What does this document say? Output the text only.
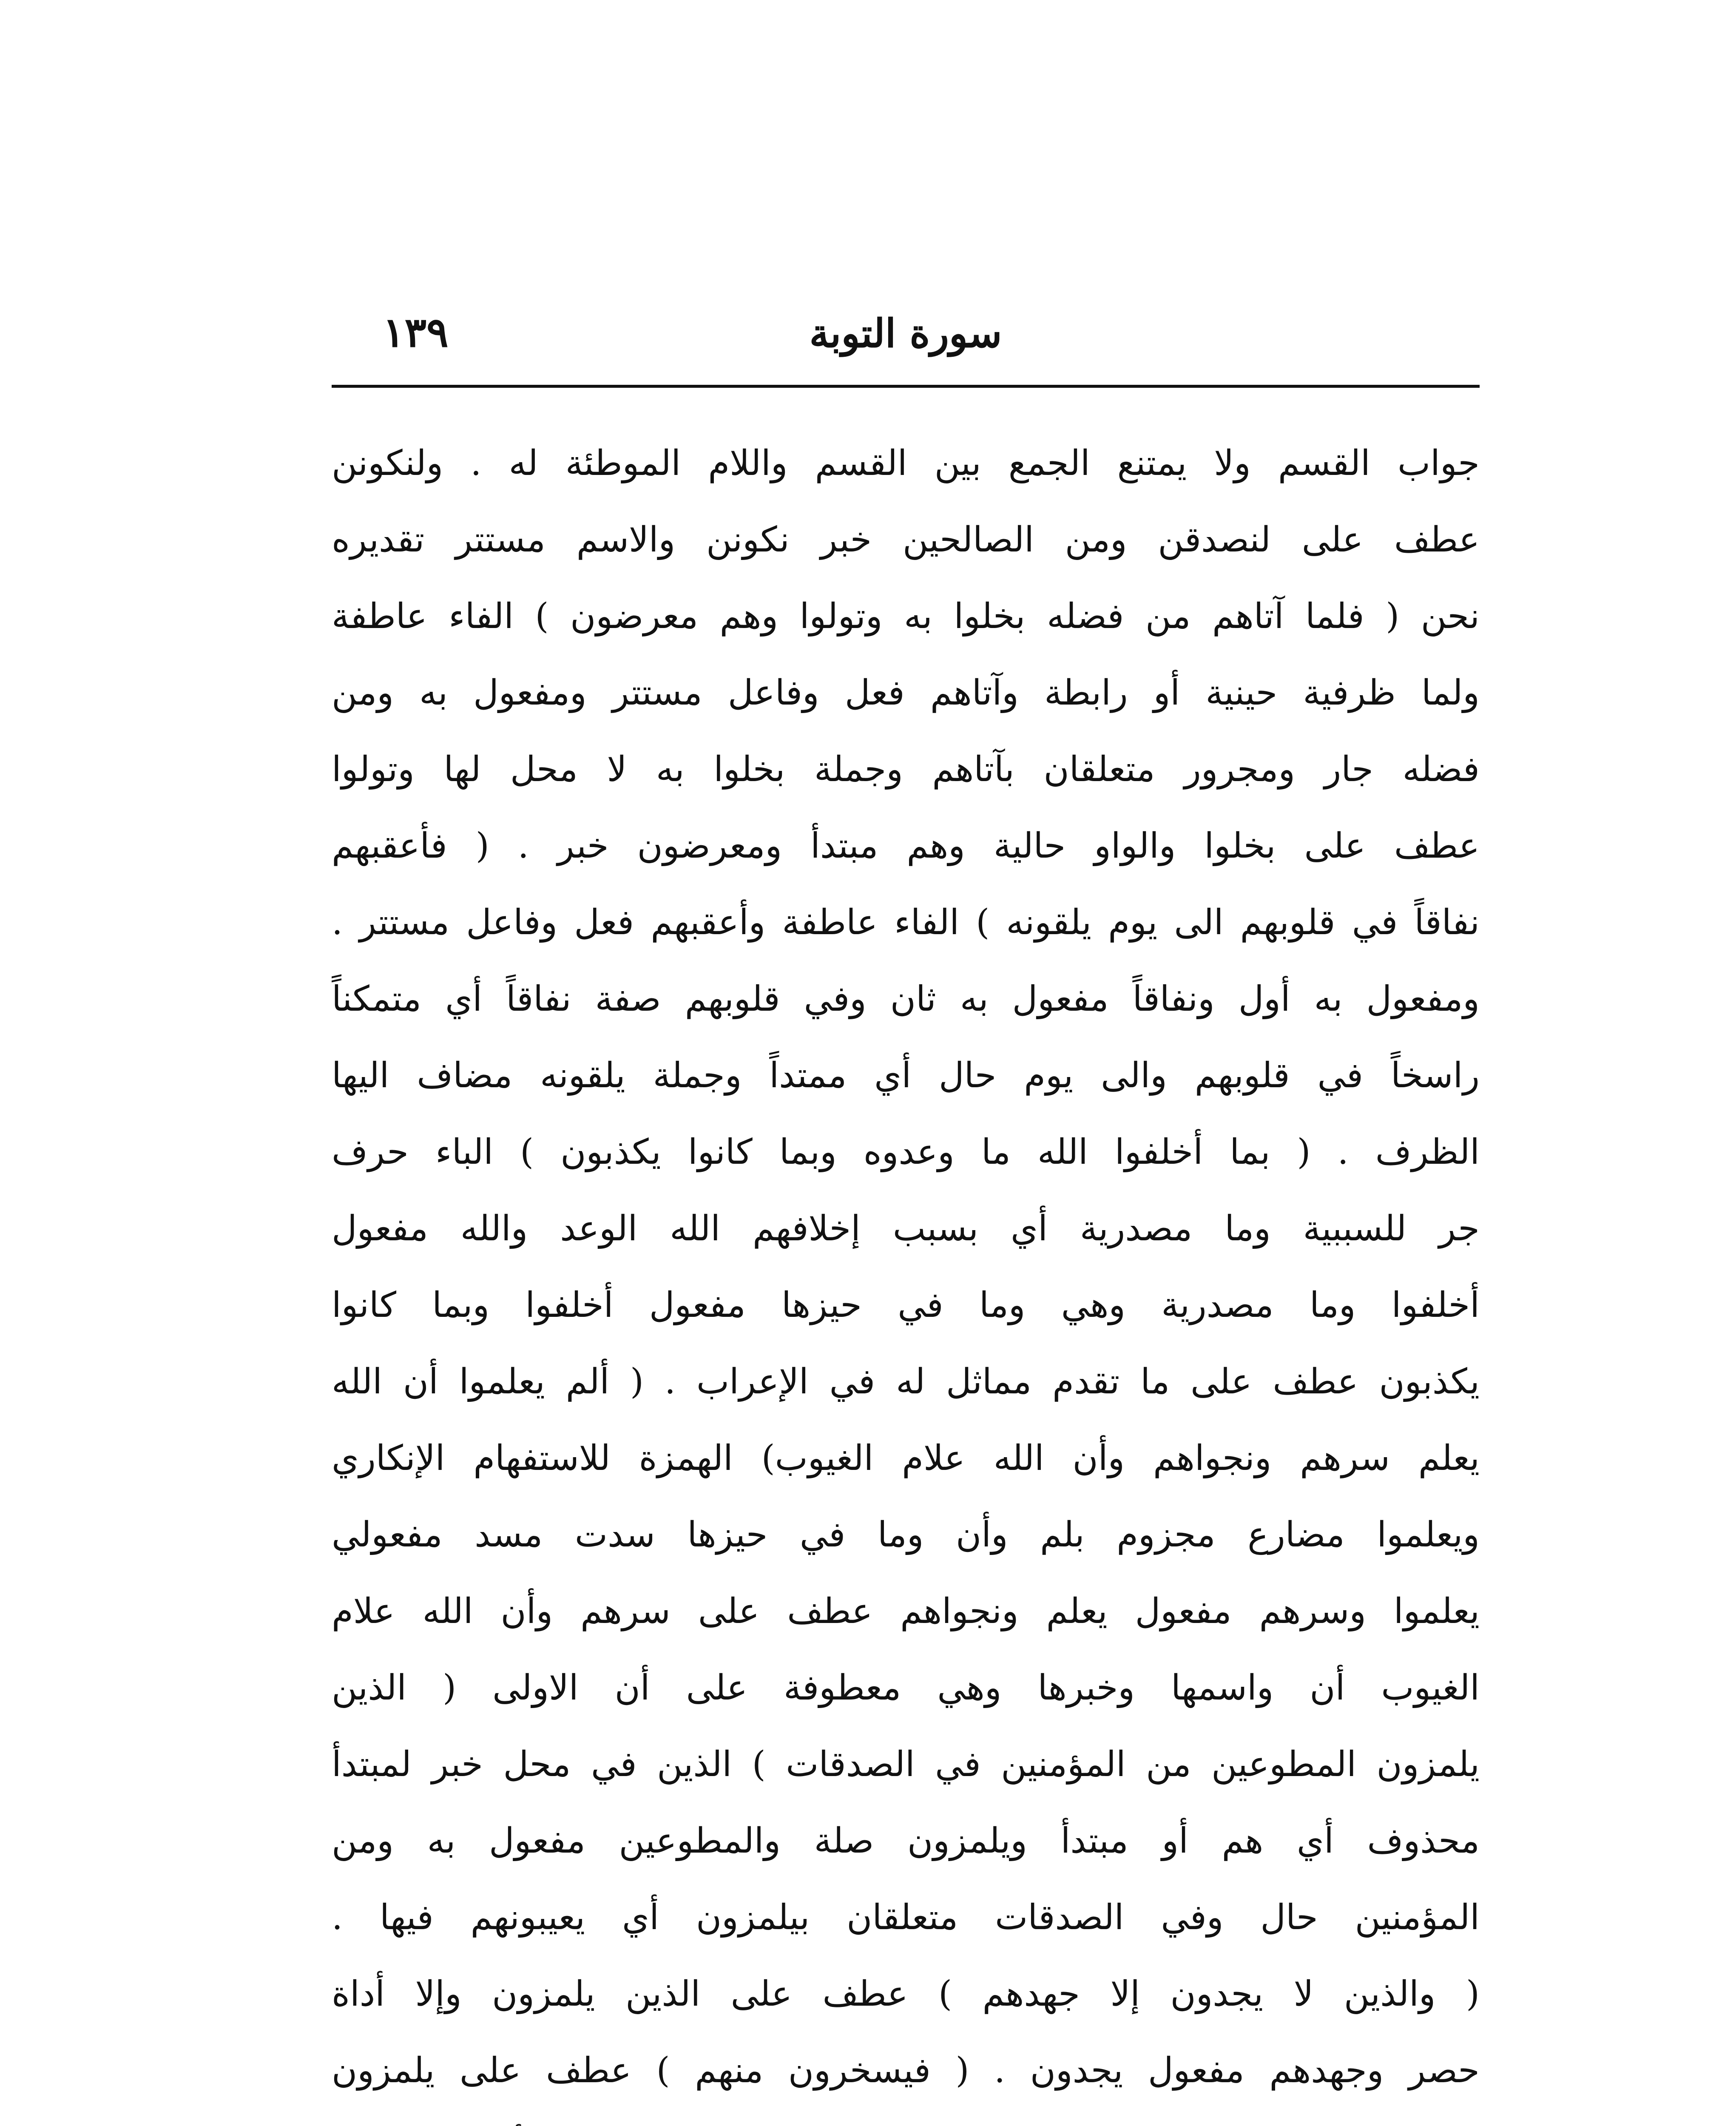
سورة التوبة
١٣٩
جواب القسم ولا يمتنع الجمع بين القسم واللام الموطئة له . ولنكونن
عطف على لنصدقن ومن الصالحين خبر نكونن والاسم مستتر تقديره
نحن ( فلما آتاهم من فضله بخلوا به وتولوا وهم معرضون ) الفاء عاطفة
ولما ظرفية حينية أو رابطة وآتاهم فعل وفاعل مستتر ومفعول به ومن
فضله جار ومجرور متعلقان بآتاهم وجملة بخلوا به لا محل لها وتولوا
عطف على بخلوا والواو حالية وهم مبتدأ ومعرضون خبر . ( فأعقبهم
نفاقاً في قلوبهم الى يوم يلقونه ) الفاء عاطفة وأعقبهم فعل وفاعل مستتر .
ومفعول به أول ونفاقاً مفعول به ثان وفي قلوبهم صفة نفاقاً أي متمكناً
راسخاً في قلوبهم والى يوم حال أي ممتداً وجملة يلقونه مضاف اليها
الظرف . ( بما أخلفوا الله ما وعدوه وبما كانوا يكذبون ) الباء حرف
جر للسببية وما مصدرية أي بسبب إخلافهم الله الوعد والله مفعول
أخلفوا وما مصدرية وهي وما في حيزها مفعول أخلفوا وبما كانوا
يكذبون عطف على ما تقدم مماثل له في الإعراب . ( ألم يعلموا أن الله
يعلم سرهم ونجواهم وأن الله علام الغيوب) الهمزة للاستفهام الإنكاري
ويعلموا مضارع مجزوم بلم وأن وما في حيزها سدت مسد مفعولي
يعلموا وسرهم مفعول يعلم ونجواهم عطف على سرهم وأن الله علام
الغيوب أن واسمها وخبرها وهي معطوفة على أن الاولى ( الذين
يلمزون المطوعين من المؤمنين في الصدقات ) الذين في محل خبر لمبتدأ
محذوف أي هم أو مبتدأ ويلمزون صلة والمطوعين مفعول به ومن
المؤمنين حال وفي الصدقات متعلقان بيلمزون أي يعيبونهم فيها .
( والذين لا يجدون إلا جهدهم ) عطف على الذين يلمزون وإلا أداة
حصر وجهدهم مفعول يجدون . ( فيسخرون منهم ) عطف على يلمزون
